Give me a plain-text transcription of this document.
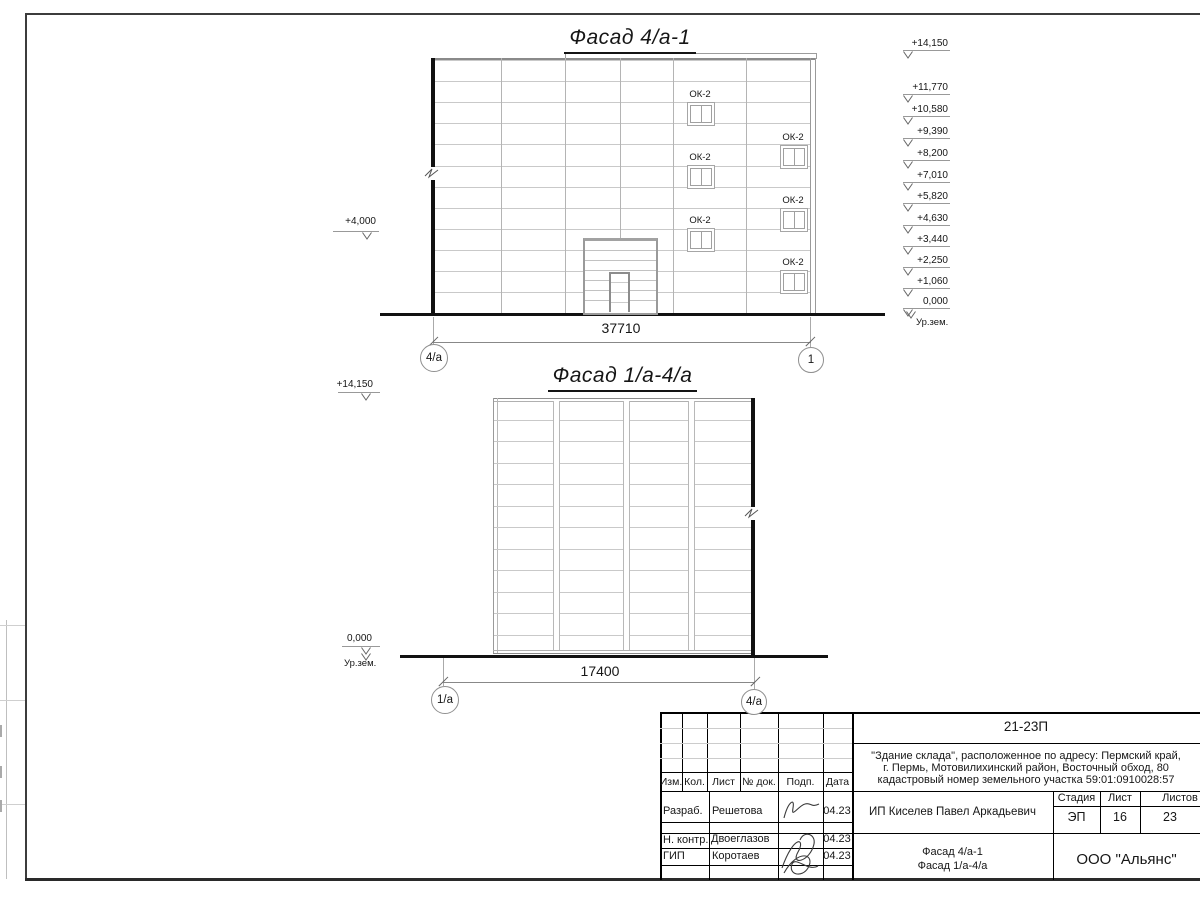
ОК-2
ОК-2
ОК-2
ОК-2
ОК-2
ОК-2
+14,150
+11,770
+10,580
+9,390
+8,200
+7,010
+5,820
+4,630
+3,440
+2,250
+1,060
0,000
+4,000
+14,150
0,000
Фасад 4/а-1
37710
4/а	1
Ур.зем.
Фасад 1/а-4/а
17400
1/а	4/а
Ур.зем.
21-23П
"Здание склада", расположенное по адресу: Пермский край,
г. Пермь, Мотовилихинский район, Восточный обход, 80
кадастровый номер земельного участка 59:01:0910028:57
Изм. Кол. Лист № док.	Подп.	Дата
Разраб. Решетова	04.23
Н. контр. Двоеглазов	04.23
ГИП Коротаев	04.23
ИП Киселев Павел Аркадьевич
Стадия	Лист	Листов
ЭП	16	23
Фасад 4/а-1
Фасад 1/а-4/а	ООО "Альянс"
